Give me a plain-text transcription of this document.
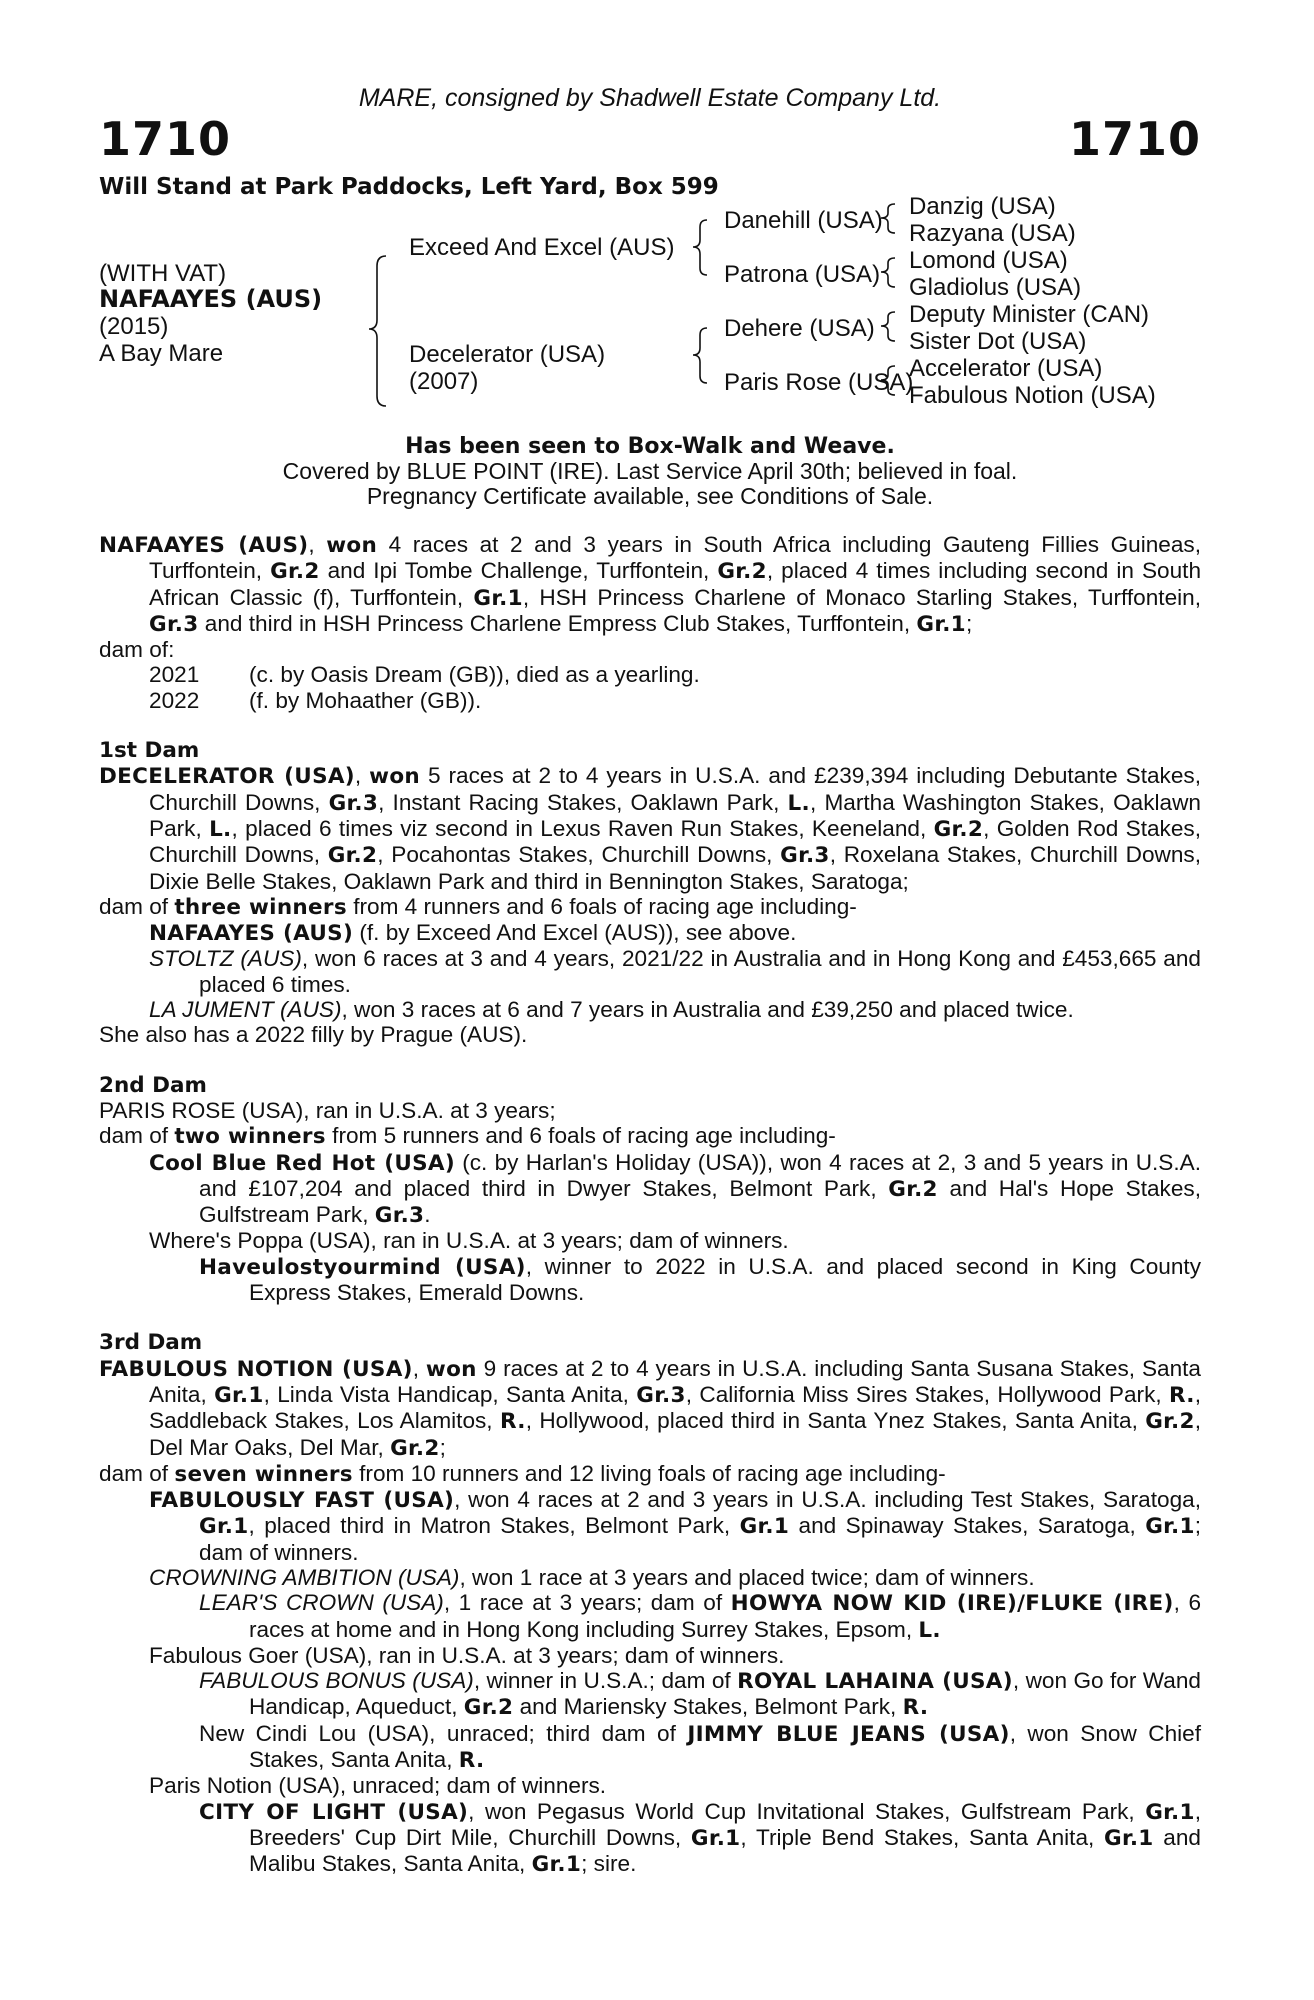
MARE, consigned by Shadwell Estate Company Ltd.
1710	1710
Will Stand at Park Paddocks, Left Yard, Box 599
(WITH VAT)
NAFAAYES (AUS)
(2015)
A Bay Mare
Exceed And Excel (AUS)
Decelerator (USA)
(2007)
Danehill (USA)
Patrona (USA)
Dehere (USA)
Paris Rose (USA)
Danzig (USA)
Razyana (USA)
Lomond (USA)
Gladiolus (USA)
Deputy Minister (CAN)
Sister Dot (USA)
Accelerator (USA)
Fabulous Notion (USA)
Has been seen to Box-Walk and Weave.
Covered by BLUE POINT (IRE). Last Service April 30th; believed in foal.
Pregnancy Certificate available, see Conditions of Sale.
NAFAAYES (AUS), won 4 races at 2 and 3 years in South Africa including Gauteng Fillies Guineas, Turffontein, Gr.2 and Ipi Tombe Challenge, Turffontein, Gr.2, placed 4 times including second in South African Classic (f), Turffontein, Gr.1, HSH Princess Charlene of Monaco Starling Stakes, Turffontein, Gr.3 and third in HSH Princess Charlene Empress Club Stakes, Turffontein, Gr.1;
dam of:
2021	(c. by Oasis Dream (GB)), died as a yearling.
2022	(f. by Mohaather (GB)).
1st Dam
DECELERATOR (USA), won 5 races at 2 to 4 years in U.S.A. and £239,394 including Debutante Stakes, Churchill Downs, Gr.3, Instant Racing Stakes, Oaklawn Park, L., Martha Washington Stakes, Oaklawn Park, L., placed 6 times viz second in Lexus Raven Run Stakes, Keeneland, Gr.2, Golden Rod Stakes, Churchill Downs, Gr.2, Pocahontas Stakes, Churchill Downs, Gr.3, Roxelana Stakes, Churchill Downs, Dixie Belle Stakes, Oaklawn Park and third in Bennington Stakes, Saratoga;
dam of three winners from 4 runners and 6 foals of racing age including-
NAFAAYES (AUS) (f. by Exceed And Excel (AUS)), see above.
STOLTZ (AUS), won 6 races at 3 and 4 years, 2021/22 in Australia and in Hong Kong and £453,665 and placed 6 times.
LA JUMENT (AUS), won 3 races at 6 and 7 years in Australia and £39,250 and placed twice.
She also has a 2022 filly by Prague (AUS).
2nd Dam
PARIS ROSE (USA), ran in U.S.A. at 3 years;
dam of two winners from 5 runners and 6 foals of racing age including-
Cool Blue Red Hot (USA) (c. by Harlan's Holiday (USA)), won 4 races at 2, 3 and 5 years in U.S.A. and £107,204 and placed third in Dwyer Stakes, Belmont Park, Gr.2 and Hal's Hope Stakes, Gulfstream Park, Gr.3.
Where's Poppa (USA), ran in U.S.A. at 3 years; dam of winners.
Haveulostyourmind (USA), winner to 2022 in U.S.A. and placed second in King County Express Stakes, Emerald Downs.
3rd Dam
FABULOUS NOTION (USA), won 9 races at 2 to 4 years in U.S.A. including Santa Susana Stakes, Santa Anita, Gr.1, Linda Vista Handicap, Santa Anita, Gr.3, California Miss Sires Stakes, Hollywood Park, R., Saddleback Stakes, Los Alamitos, R., Hollywood, placed third in Santa Ynez Stakes, Santa Anita, Gr.2, Del Mar Oaks, Del Mar, Gr.2;
dam of seven winners from 10 runners and 12 living foals of racing age including-
FABULOUSLY FAST (USA), won 4 races at 2 and 3 years in U.S.A. including Test Stakes, Saratoga, Gr.1, placed third in Matron Stakes, Belmont Park, Gr.1 and Spinaway Stakes, Saratoga, Gr.1; dam of winners.
CROWNING AMBITION (USA), won 1 race at 3 years and placed twice; dam of winners.
LEAR'S CROWN (USA), 1 race at 3 years; dam of HOWYA NOW KID (IRE)/FLUKE (IRE), 6 races at home and in Hong Kong including Surrey Stakes, Epsom, L.
Fabulous Goer (USA), ran in U.S.A. at 3 years; dam of winners.
FABULOUS BONUS (USA), winner in U.S.A.; dam of ROYAL LAHAINA (USA), won Go for Wand Handicap, Aqueduct, Gr.2 and Mariensky Stakes, Belmont Park, R.
New Cindi Lou (USA), unraced; third dam of JIMMY BLUE JEANS (USA), won Snow Chief Stakes, Santa Anita, R.
Paris Notion (USA), unraced; dam of winners.
CITY OF LIGHT (USA), won Pegasus World Cup Invitational Stakes, Gulfstream Park, Gr.1, Breeders' Cup Dirt Mile, Churchill Downs, Gr.1, Triple Bend Stakes, Santa Anita, Gr.1 and Malibu Stakes, Santa Anita, Gr.1; sire.
